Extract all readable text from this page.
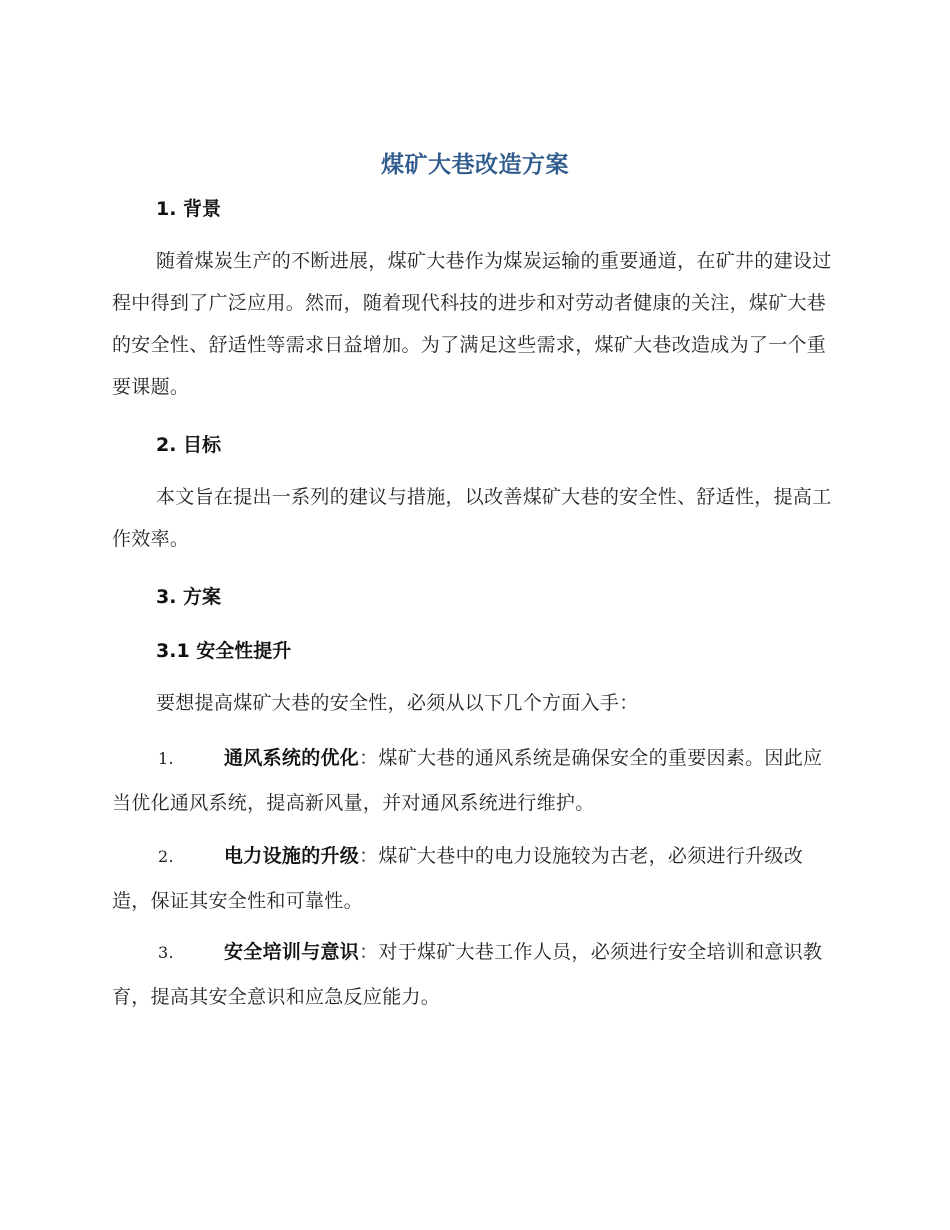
煤矿大巷改造方案
1. 背景
随着煤炭生产的不断进展，煤矿大巷作为煤炭运输的重要通道，在矿井的建设过程中得到了广泛应用。然而，随着现代科技的进步和对劳动者健康的关注，煤矿大巷的安全性、舒适性等需求日益增加。为了满足这些需求，煤矿大巷改造成为了一个重要课题。
2. 目标
本文旨在提出一系列的建议与措施，以改善煤矿大巷的安全性、舒适性，提高工作效率。
3. 方案
3.1 安全性提升
要想提高煤矿大巷的安全性，必须从以下几个方面入手：
1.	通风系统的优化：煤矿大巷的通风系统是确保安全的重要因素。因此应当优化通风系统，提高新风量，并对通风系统进行维护。
2.	电力设施的升级：煤矿大巷中的电力设施较为古老，必须进行升级改造，保证其安全性和可靠性。
3.	安全培训与意识：对于煤矿大巷工作人员，必须进行安全培训和意识教育，提高其安全意识和应急反应能力。
